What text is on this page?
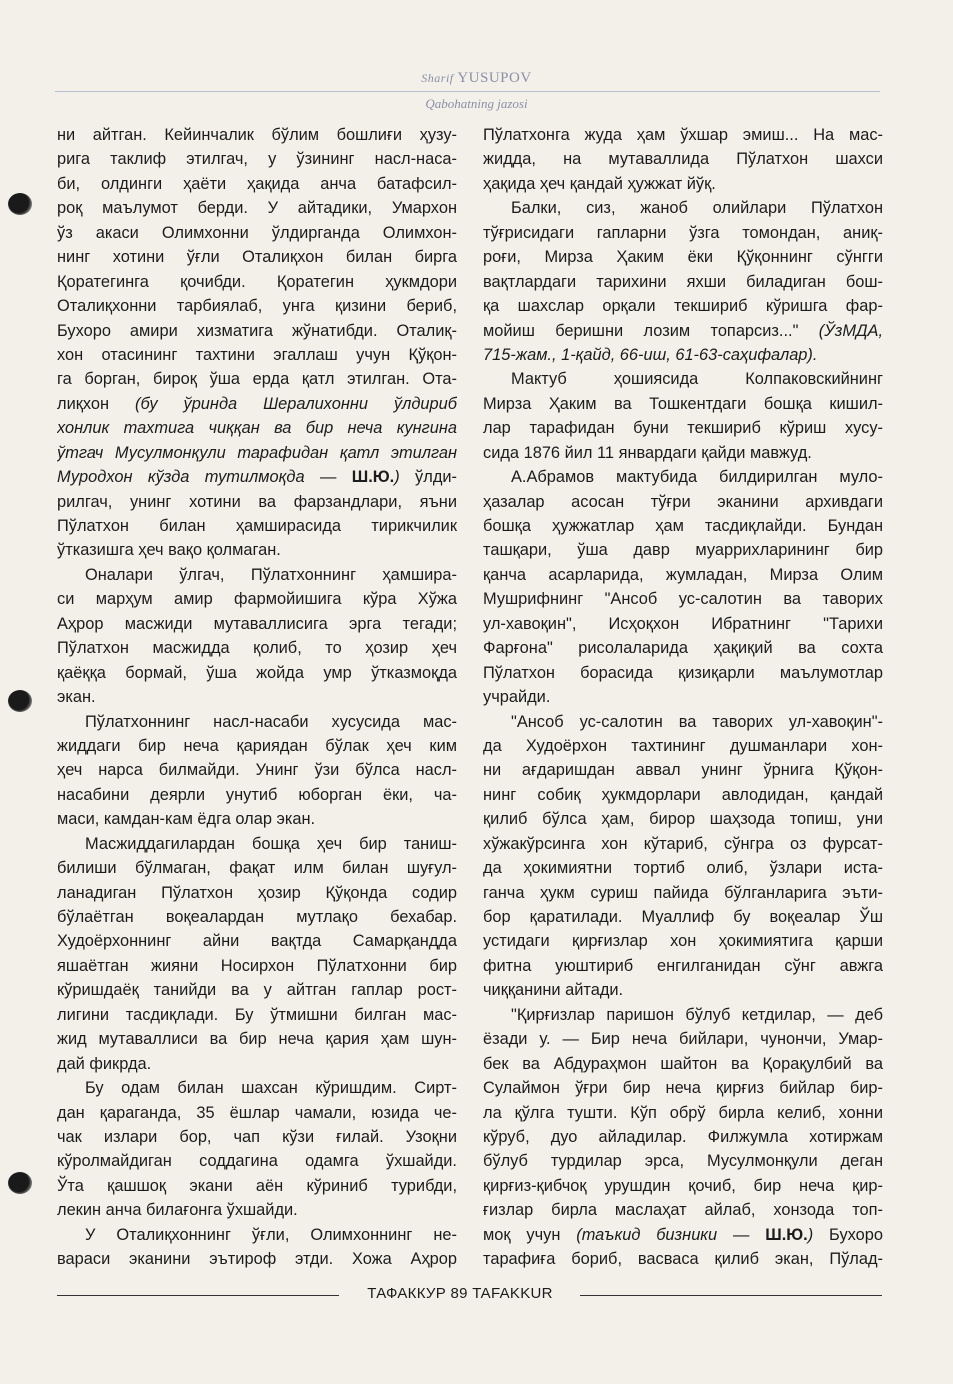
Sharif YUSUPOV
Qabohatning jazosi
ни айтган. Кейинчалик бўлим бошлиғи ҳузу-
рига таклиф этилгач, у ўзининг насл-наса-
би, олдинги ҳаёти ҳақида анча батафсил-
роқ маълумот берди. У айтадики, Умархон
ўз акаси Олимхонни ўлдирганда Олимхон-
нинг хотини ўғли Оталиқхон билан бирга
Қоратегинга қочибди. Қоратегин ҳукмдори
Оталиқхонни тарбиялаб, унга қизини бериб,
Бухоро амири хизматига жўнатибди. Оталиқ-
хон отасининг тахтини эгаллаш учун Қўқон-
га борган, бироқ ўша ерда қатл этилган. Ота-
лиқхон (бу ўринда Шералихонни ўлдириб
хонлик тахтига чиққан ва бир неча кунгина
ўтгач Мусулмонқули тарафидан қатл этилган
Муродхон кўзда тутилмоқда — Ш.Ю.) ўлди-
рилгач, унинг хотини ва фарзандлари, яъни
Пўлатхон билан ҳамширасида тирикчилик
ўтказишга ҳеч вақо қолмаган.
Оналари ўлгач, Пўлатхоннинг ҳамшира-
си марҳум амир фармойишига кўра Хўжа
Аҳрор масжиди мутаваллисига эрга тегади;
Пўлатхон масжидда қолиб, то ҳозир ҳеч
қаёққа бормай, ўша жойда умр ўтказмоқда
экан.
Пўлатхоннинг насл-насаби хусусида мас-
жиддаги бир неча қариядан бўлак ҳеч ким
ҳеч нарса билмайди. Унинг ўзи бўлса насл-
насабини деярли унутиб юборган ёки, ча-
маси, камдан-кам ёдга олар экан.
Масжиддагилардан бошқа ҳеч бир таниш-
билиши бўлмаган, фақат илм билан шуғул-
ланадиган Пўлатхон ҳозир Қўқонда содир
бўлаётган воқеалардан мутлақо бехабар.
Худоёрхоннинг айни вақтда Самарқандда
яшаётган жияни Носирхон Пўлатхонни бир
кўришдаёқ танийди ва у айтган гаплар рост-
лигини тасдиқлади. Бу ўтмишни билган мас-
жид мутаваллиси ва бир неча қария ҳам шун-
дай фикрда.
Бу одам билан шахсан кўришдим. Сирт-
дан қараганда, 35 ёшлар чамали, юзида че-
чак излари бор, чап кўзи ғилай. Узоқни
кўролмайдиган соддагина одамга ўхшайди.
Ўта қашшоқ экани аён кўриниб турибди,
лекин анча билағонга ўхшайди.
У Оталиқхоннинг ўғли, Олимхоннинг не-
вараси эканини эътироф этди. Хожа Аҳрор
Пўлатхонга жуда ҳам ўхшар эмиш... На мас-
жидда, на мутаваллида Пўлатхон шахси
ҳақида ҳеч қандай ҳужжат йўқ.
Балки, сиз, жаноб олийлари Пўлатхон
тўғрисидаги гапларни ўзга томондан, аниқ-
роғи, Мирза Ҳаким ёки Қўқоннинг сўнгги
вақтлардаги тарихини яхши биладиган бош-
қа шахслар орқали текшириб кўришга фар-
мойиш беришни лозим топарсиз..." (ЎзМДА,
715-жам., 1-қайд, 66-иш, 61-63-саҳифалар).
Мактуб ҳошиясида Колпаковскийнинг
Мирза Ҳаким ва Тошкентдаги бошқа кишил-
лар тарафидан буни текшириб кўриш хусу-
сида 1876 йил 11 январдаги қайди мавжуд.
А.Абрамов мактубида билдирилган муло-
ҳазалар асосан тўғри эканини архивдаги
бошқа ҳужжатлар ҳам тасдиқлайди. Бундан
ташқари, ўша давр муаррихларининг бир
қанча асарларида, жумладан, Мирза Олим
Мушрифнинг "Ансоб ус-салотин ва таворих
ул-хавоқин", Исҳоқхон Ибратнинг "Тарихи
Фарғона" рисолаларида ҳақиқий ва сохта
Пўлатхон борасида қизиқарли маълумотлар
учрайди.
"Ансоб ус-салотин ва таворих ул-хавоқин"-
да Худоёрхон тахтининг душманлари хон-
ни ағдаришдан аввал унинг ўрнига Қўқон-
нинг собиқ ҳукмдорлари авлодидан, қандай
қилиб бўлса ҳам, бирор шаҳзода топиш, уни
хўжакўрсинга хон кўтариб, сўнгра оз фурсат-
да ҳокимиятни тортиб олиб, ўзлари иста-
ганча ҳукм суриш пайида бўлганларига эъти-
бор қаратилади. Муаллиф бу воқеалар Ўш
устидаги қирғизлар хон ҳокимиятига қарши
фитна уюштириб енгилганидан сўнг авжга
чиққанини айтади.
"Қирғизлар паришон бўлуб кетдилар, — деб
ёзади у. — Бир неча бийлари, чунончи, Умар-
бек ва Абдураҳмон шайтон ва Қорақулбий ва
Сулаймон ўғри бир неча қирғиз бийлар бир-
ла қўлга тушти. Кўп обрў бирла келиб, хонни
кўруб, дуо айладилар. Филжумла хотиржам
бўлуб турдилар эрса, Мусулмонқули деган
қирғиз-қибчоқ урушдин қочиб, бир неча қир-
ғизлар бирла маслаҳат айлаб, хонзода топ-
моқ учун (таъкид бизники — Ш.Ю.) Бухоро
тарафиға бориб, васваса қилиб экан, Пўлад-
ТАФАККУР 89 TAFAKKUR
